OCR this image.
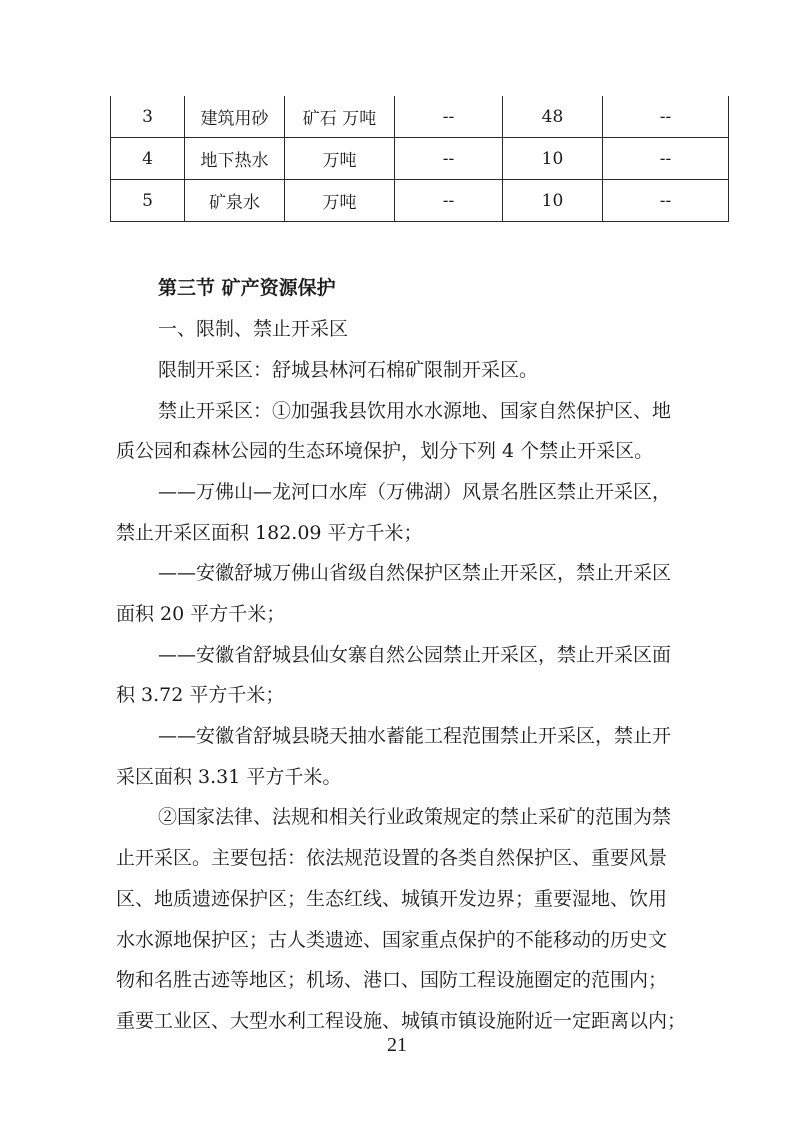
3	建筑用砂	矿石 万吨	--	48	--
4	地下热水	万吨	--	10	--
5	矿泉水	万吨	--	10	--
第三节 矿产资源保护
一、限制、禁止开采区
限制开采区：舒城县林河石棉矿限制开采区。
禁止开采区：①加强我县饮用水水源地、国家自然保护区、地
质公园和森林公园的生态环境保护，划分下列 4 个禁止开采区。
——万佛山—龙河口水库（万佛湖）风景名胜区禁止开采区，
禁止开采区面积 182.09 平方千米；
——安徽舒城万佛山省级自然保护区禁止开采区，禁止开采区
面积 20 平方千米；
——安徽省舒城县仙女寨自然公园禁止开采区，禁止开采区面
积 3.72 平方千米；
——安徽省舒城县晓天抽水蓄能工程范围禁止开采区，禁止开
采区面积 3.31 平方千米。
②国家法律、法规和相关行业政策规定的禁止采矿的范围为禁
止开采区。主要包括：依法规范设置的各类自然保护区、重要风景
区、地质遗迹保护区；生态红线、城镇开发边界；重要湿地、饮用
水水源地保护区；古人类遗迹、国家重点保护的不能移动的历史文
物和名胜古迹等地区；机场、港口、国防工程设施圈定的范围内；
重要工业区、大型水利工程设施、城镇市镇设施附近一定距离以内；
21
